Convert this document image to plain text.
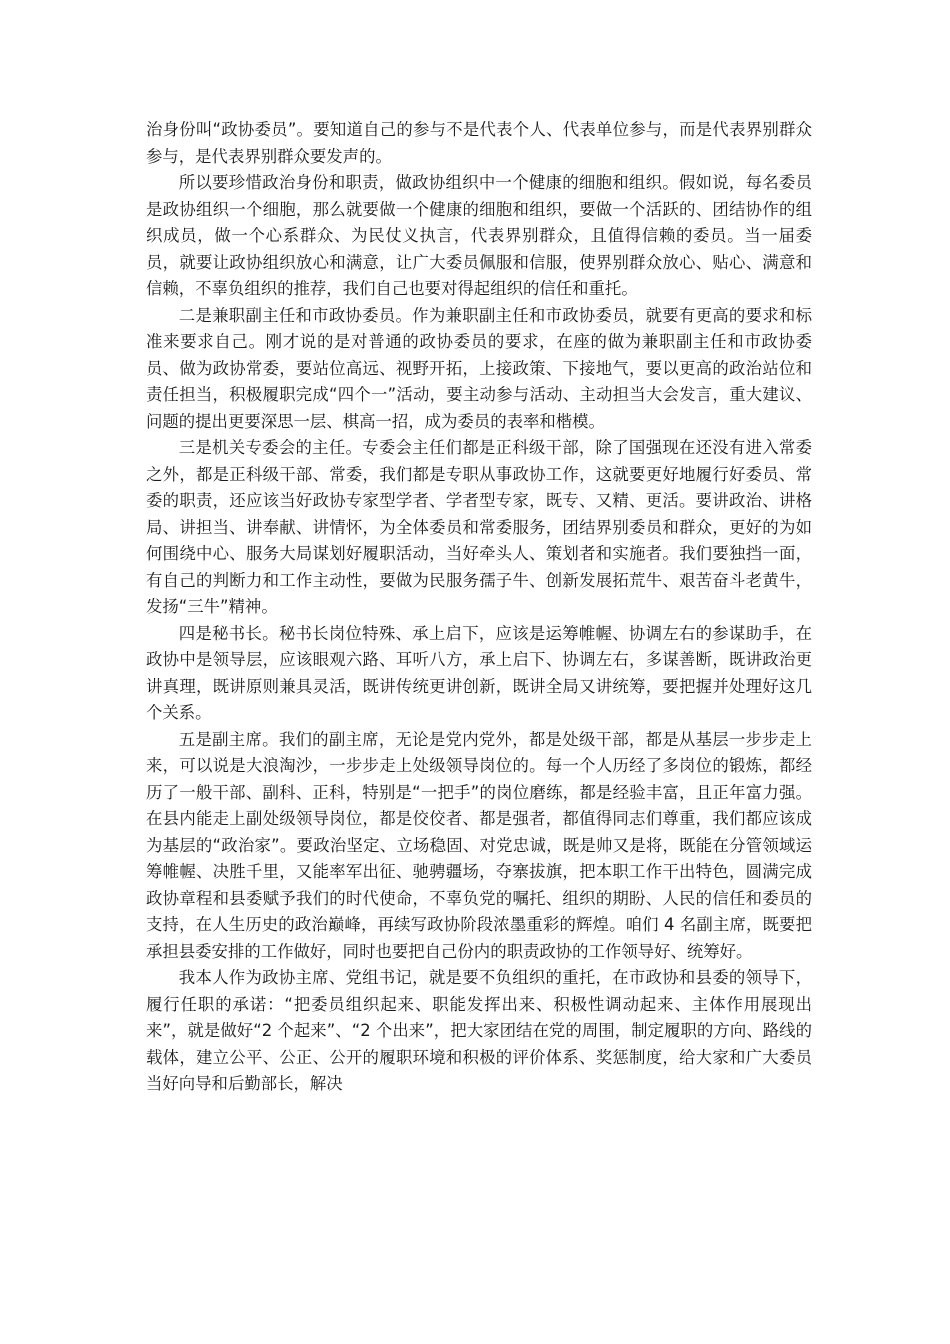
治身份叫“政协委员”。要知道自己的参与不是代表个人、代表单位参与，而是代表界别群众参与，是代表界别群众要发声的。

所以要珍惜政治身份和职责，做政协组织中一个健康的细胞和组织。假如说，每名委员是政协组织一个细胞，那么就要做一个健康的细胞和组织，要做一个活跃的、团结协作的组织成员，做一个心系群众、为民仗义执言，代表界别群众，且值得信赖的委员。当一届委员，就要让政协组织放心和满意，让广大委员佩服和信服，使界别群众放心、贴心、满意和信赖，不辜负组织的推荐，我们自己也要对得起组织的信任和重托。

二是兼职副主任和市政协委员。作为兼职副主任和市政协委员，就要有更高的要求和标准来要求自己。刚才说的是对普通的政协委员的要求，在座的做为兼职副主任和市政协委员、做为政协常委，要站位高远、视野开拓，上接政策、下接地气，要以更高的政治站位和责任担当，积极履职完成“四个一”活动，要主动参与活动、主动担当大会发言，重大建议、问题的提出更要深思一层、棋高一招，成为委员的表率和楷模。

三是机关专委会的主任。专委会主任们都是正科级干部，除了国强现在还没有进入常委之外，都是正科级干部、常委，我们都是专职从事政协工作，这就要更好地履行好委员、常委的职责，还应该当好政协专家型学者、学者型专家，既专、又精、更活。要讲政治、讲格局、讲担当、讲奉献、讲情怀，为全体委员和常委服务，团结界别委员和群众，更好的为如何围绕中心、服务大局谋划好履职活动，当好牵头人、策划者和实施者。我们要独挡一面，有自己的判断力和工作主动性，要做为民服务孺子牛、创新发展拓荒牛、艰苦奋斗老黄牛，发扬“三牛”精神。

四是秘书长。秘书长岗位特殊、承上启下，应该是运筹帷幄、协调左右的参谋助手，在政协中是领导层，应该眼观六路、耳听八方，承上启下、协调左右，多谋善断，既讲政治更讲真理，既讲原则兼具灵活，既讲传统更讲创新，既讲全局又讲统筹，要把握并处理好这几个关系。

五是副主席。我们的副主席，无论是党内党外，都是处级干部，都是从基层一步步走上来，可以说是大浪淘沙，一步步走上处级领导岗位的。每一个人历经了多岗位的锻炼，都经历了一般干部、副科、正科，特别是“一把手”的岗位磨练，都是经验丰富，且正年富力强。在县内能走上副处级领导岗位，都是佼佼者、都是强者，都值得同志们尊重，我们都应该成为基层的“政治家”。要政治坚定、立场稳固、对党忠诚，既是帅又是将，既能在分管领域运筹帷幄、决胜千里，又能率军出征、驰骋疆场，夺寨拔旗，把本职工作干出特色，圆满完成政协章程和县委赋予我们的时代使命，不辜负党的嘱托、组织的期盼、人民的信任和委员的支持，在人生历史的政治巅峰，再续写政协阶段浓墨重彩的辉煌。咱们 4 名副主席，既要把承担县委安排的工作做好，同时也要把自己份内的职责政协的工作领导好、统筹好。

我本人作为政协主席、党组书记，就是要不负组织的重托，在市政协和县委的领导下，履行任职的承诺：“把委员组织起来、职能发挥出来、积极性调动起来、主体作用展现出来”，就是做好“2 个起来”、“2 个出来”，把大家团结在党的周围，制定履职的方向、路线的载体，建立公平、公正、公开的履职环境和积极的评价体系、奖惩制度，给大家和广大委员当好向导和后勤部长，解决
